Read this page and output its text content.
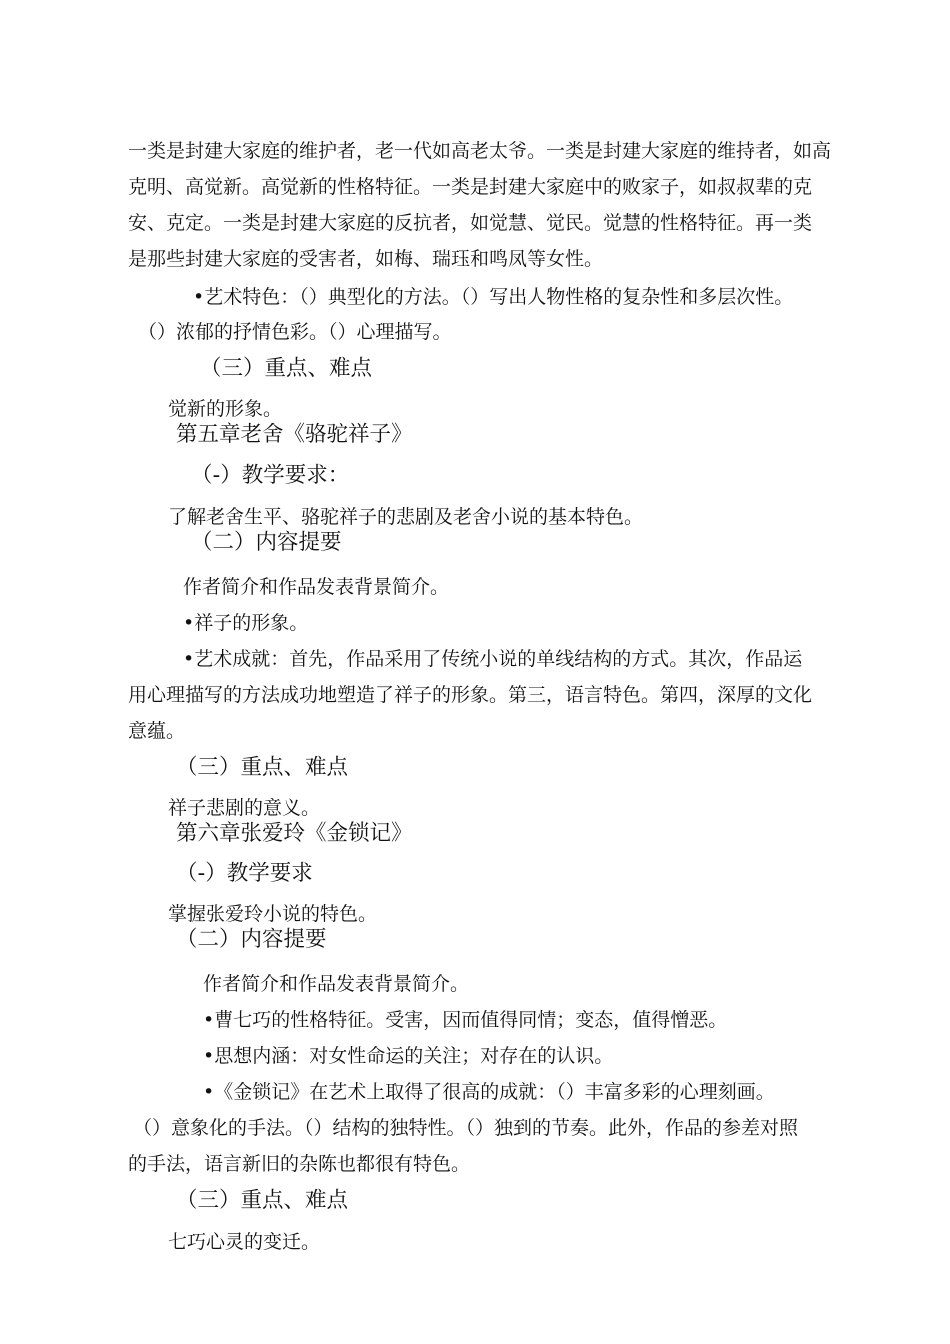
一类是封建大家庭的维护者，老一代如高老太爷。一类是封建大家庭的维持者，如高
克明、高觉新。高觉新的性格特征。一类是封建大家庭中的败家子，如叔叔辈的克
安、克定。一类是封建大家庭的反抗者，如觉慧、觉民。觉慧的性格特征。再一类
是那些封建大家庭的受害者，如梅、瑞珏和鸣凤等女性。
•艺术特色：（）典型化的方法。（）写出人物性格的复杂性和多层次性。
（）浓郁的抒情色彩。（）心理描写。
（三）重点、难点
觉新的形象。
第五章老舍《骆驼祥子》
（-）教学要求：
了解老舍生平、骆驼祥子的悲剧及老舍小说的基本特色。
（二）内容提要
作者简介和作品发表背景简介。
•祥子的形象。
•艺术成就：首先，作品采用了传统小说的单线结构的方式。其次，作品运
用心理描写的方法成功地塑造了祥子的形象。第三，语言特色。第四，深厚的文化
意蕴。
（三）重点、难点
祥子悲剧的意义。
第六章张爱玲《金锁记》
（-）教学要求
掌握张爱玲小说的特色。
（二）内容提要
作者简介和作品发表背景简介。
•曹七巧的性格特征。受害，因而值得同情；变态，值得憎恶。
•思想内涵：对女性命运的关注；对存在的认识。
•《金锁记》在艺术上取得了很高的成就：（）丰富多彩的心理刻画。
（）意象化的手法。（）结构的独特性。（）独到的节奏。此外，作品的参差对照
的手法，语言新旧的杂陈也都很有特色。
（三）重点、难点
七巧心灵的变迁。
